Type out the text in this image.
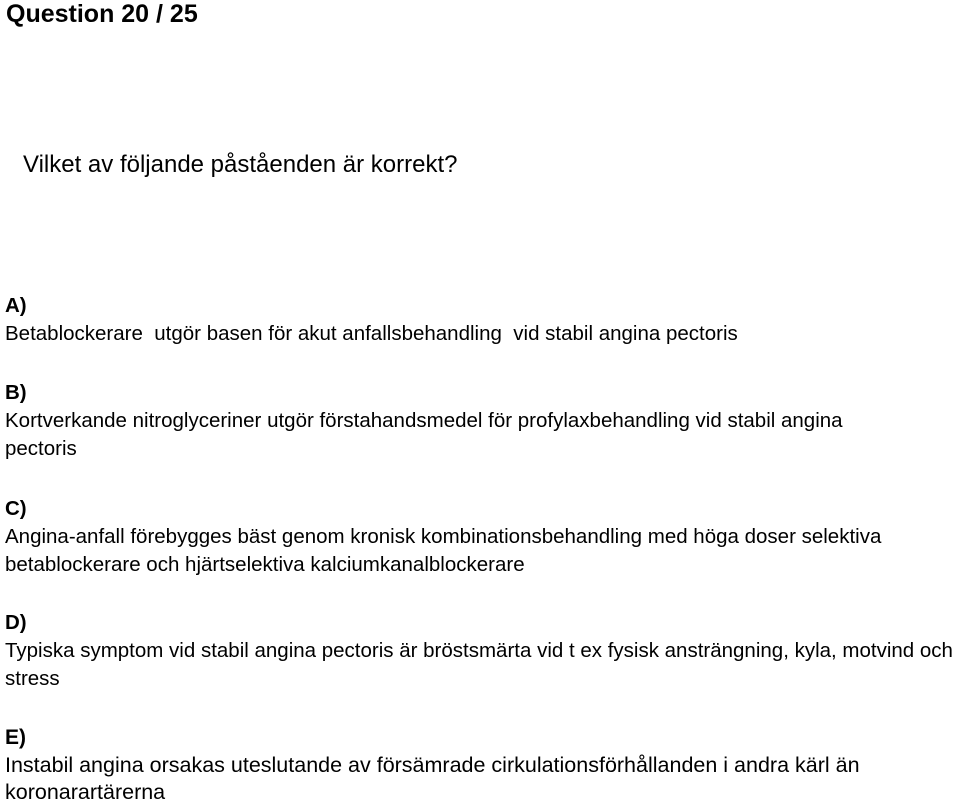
Question 20 / 25
Vilket av följande påståenden är korrekt?
A)
Betablockerare  utgör basen för akut anfallsbehandling  vid stabil angina pectoris
B)
Kortverkande nitroglyceriner utgör förstahandsmedel för profylaxbehandling vid stabil angina pectoris
C)
Angina-anfall förebygges bäst genom kronisk kombinationsbehandling med höga doser selektiva betablockerare och hjärtselektiva kalciumkanalblockerare
D)
Typiska symptom vid stabil angina pectoris är bröstsmärta vid t ex fysisk ansträngning, kyla, motvind och stress
E)
Instabil angina orsakas uteslutande av försämrade cirkulationsförhållanden i andra kärl än koronarartärerna
